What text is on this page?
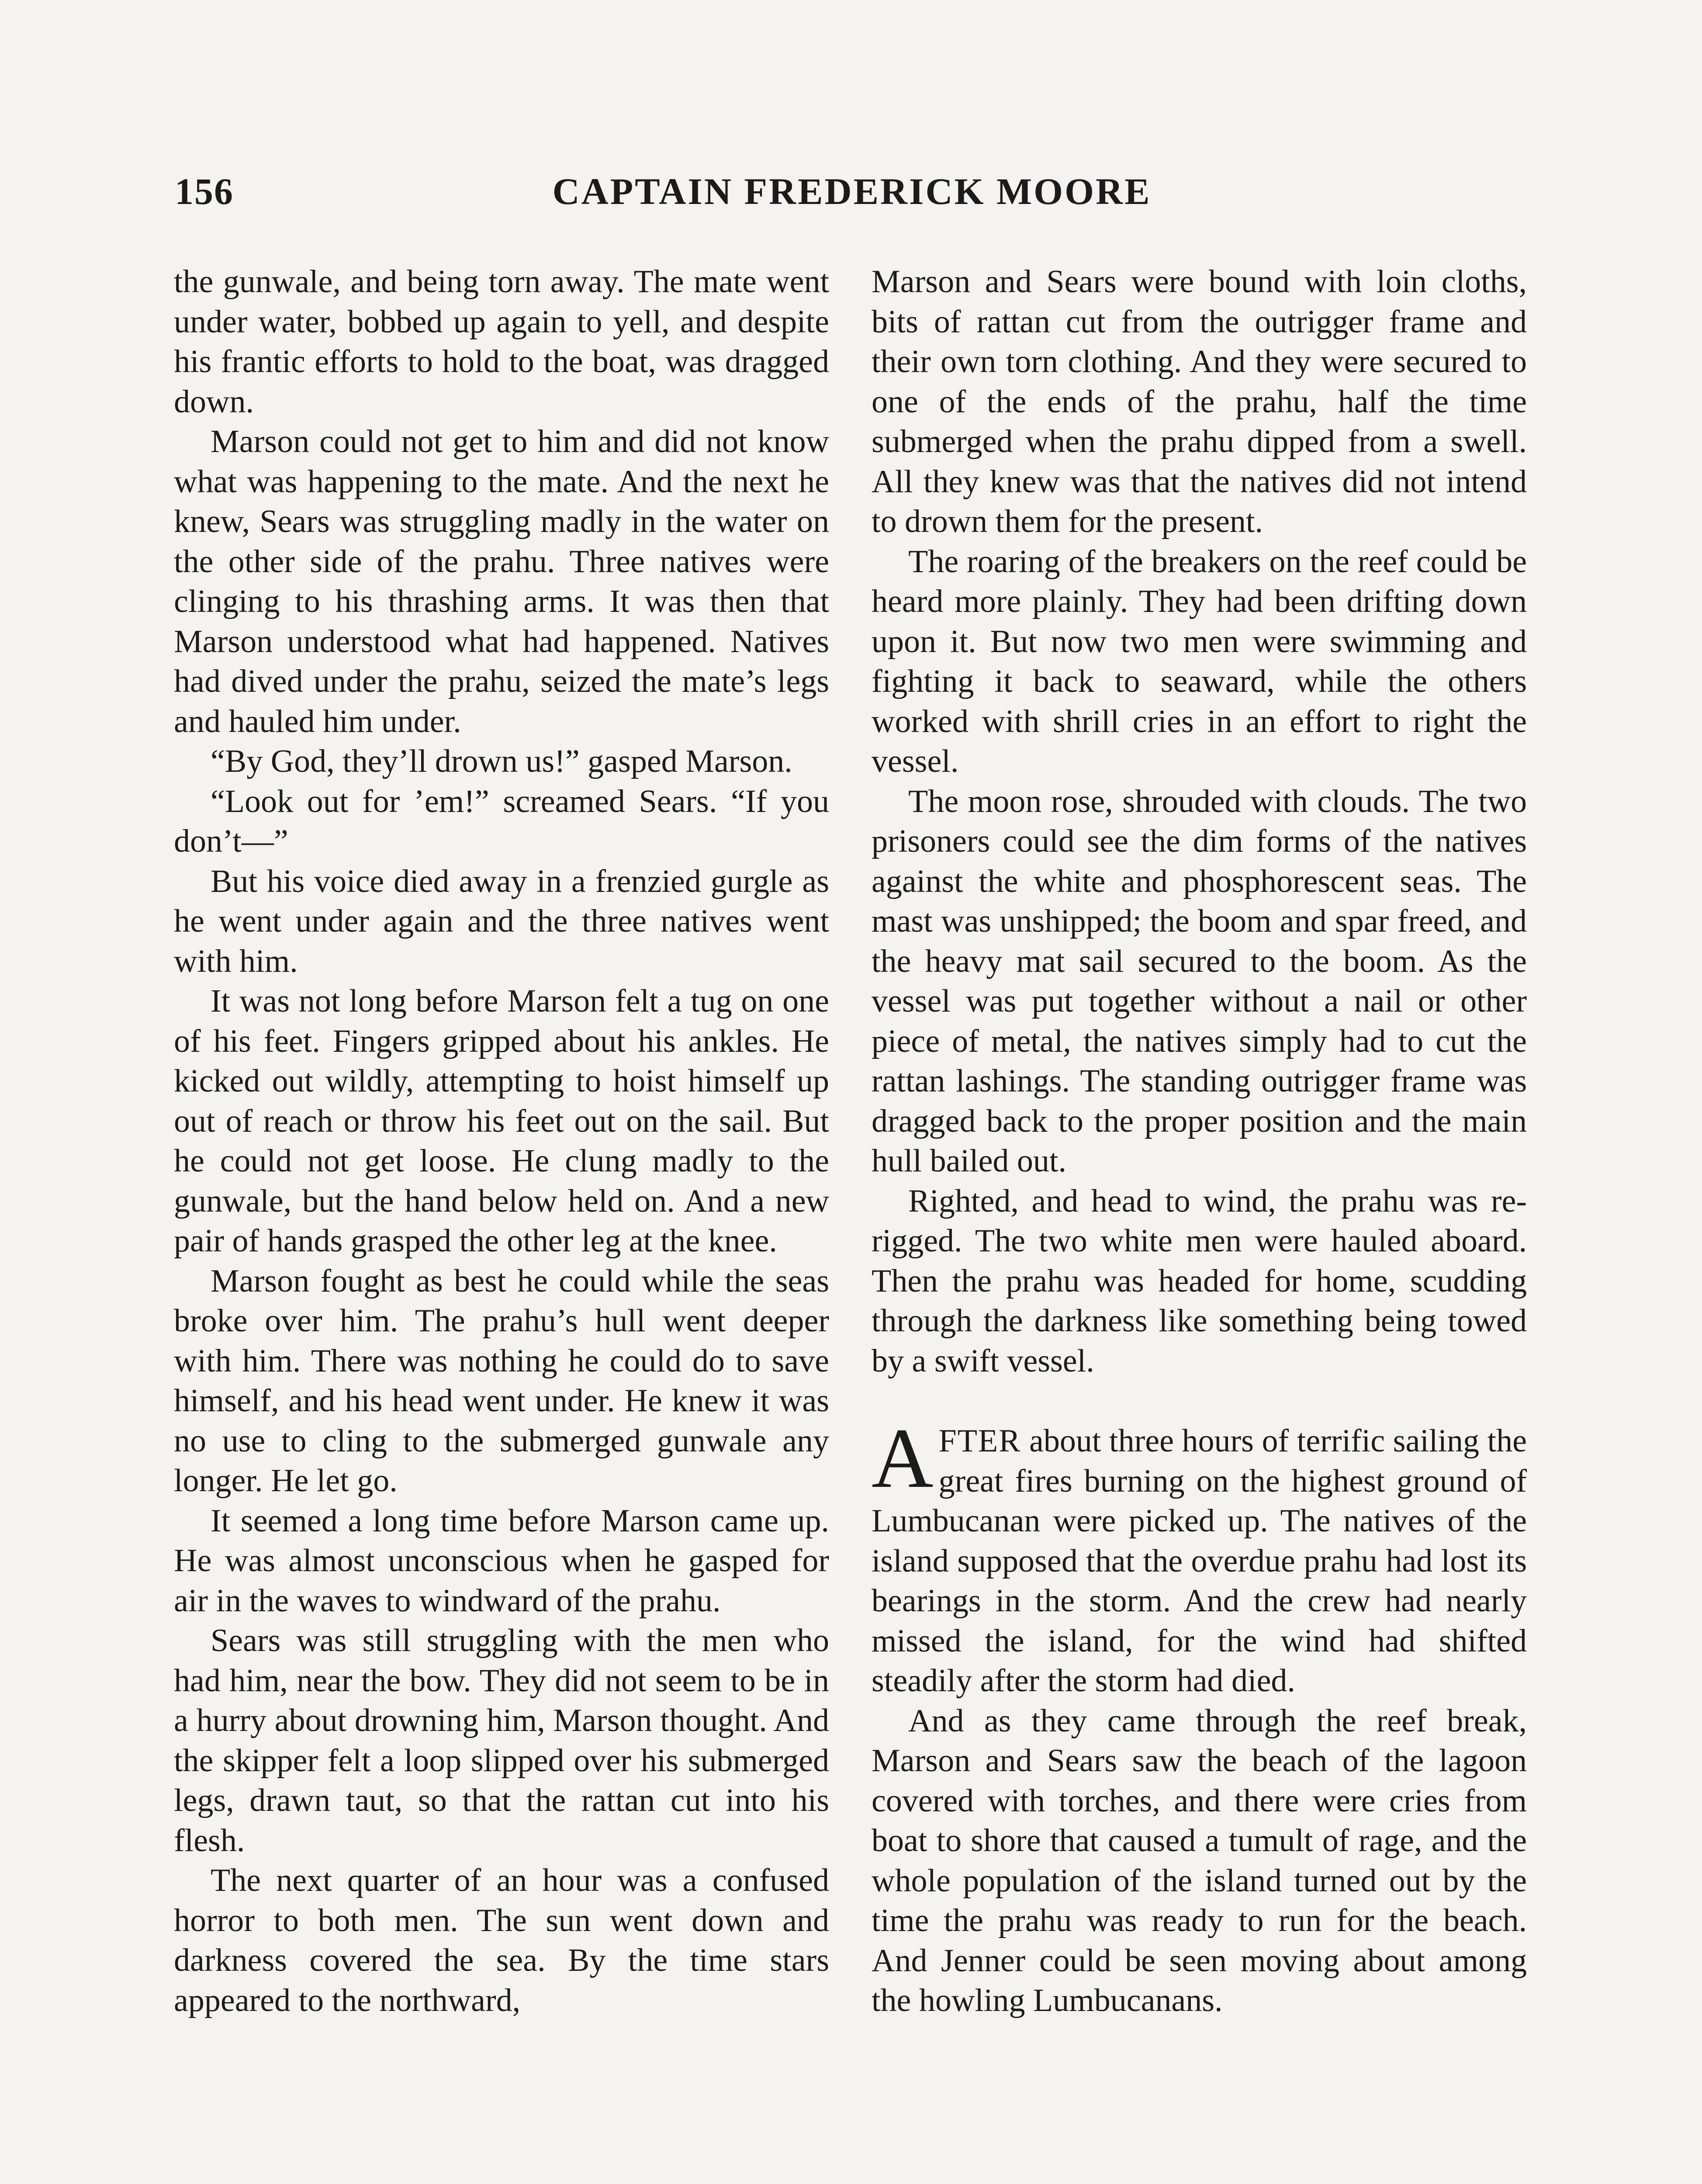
156	CAPTAIN FREDERICK MOORE

the gunwale, and being torn away. The mate went under water, bobbed up again to yell, and despite his frantic efforts to hold to the boat, was dragged down.

Marson could not get to him and did not know what was happening to the mate. And the next he knew, Sears was struggling madly in the water on the other side of the prahu. Three natives were clinging to his thrashing arms. It was then that Marson understood what had happened. Natives had dived under the prahu, seized the mate’s legs and hauled him under.

“By God, they’ll drown us!” gasped Marson.

“Look out for ’em!” screamed Sears. “If you don’t—”

But his voice died away in a frenzied gurgle as he went under again and the three natives went with him.

It was not long before Marson felt a tug on one of his feet. Fingers gripped about his ankles. He kicked out wildly, attempting to hoist himself up out of reach or throw his feet out on the sail. But he could not get loose. He clung madly to the gunwale, but the hand below held on. And a new pair of hands grasped the other leg at the knee.

Marson fought as best he could while the seas broke over him. The prahu’s hull went deeper with him. There was nothing he could do to save himself, and his head went under. He knew it was no use to cling to the submerged gunwale any longer. He let go.

It seemed a long time before Marson came up. He was almost unconscious when he gasped for air in the waves to windward of the prahu.

Sears was still struggling with the men who had him, near the bow. They did not seem to be in a hurry about drowning him, Marson thought. And the skipper felt a loop slipped over his submerged legs, drawn taut, so that the rattan cut into his flesh.

The next quarter of an hour was a confused horror to both men. The sun went down and darkness covered the sea. By the time stars appeared to the northward,

Marson and Sears were bound with loin cloths, bits of rattan cut from the outrigger frame and their own torn clothing. And they were secured to one of the ends of the prahu, half the time submerged when the prahu dipped from a swell. All they knew was that the natives did not intend to drown them for the present.

The roaring of the breakers on the reef could be heard more plainly. They had been drifting down upon it. But now two men were swimming and fighting it back to seaward, while the others worked with shrill cries in an effort to right the vessel.

The moon rose, shrouded with clouds. The two prisoners could see the dim forms of the natives against the white and phosphorescent seas. The mast was unshipped; the boom and spar freed, and the heavy mat sail secured to the boom. As the vessel was put together without a nail or other piece of metal, the natives simply had to cut the rattan lashings. The standing outrigger frame was dragged back to the proper position and the main hull bailed out.

Righted, and head to wind, the prahu was re-rigged. The two white men were hauled aboard. Then the prahu was headed for home, scudding through the darkness like something being towed by a swift vessel.

AFTER about three hours of terrific sailing the great fires burning on the highest ground of Lumbucanan were picked up. The natives of the island supposed that the overdue prahu had lost its bearings in the storm. And the crew had nearly missed the island, for the wind had shifted steadily after the storm had died.

And as they came through the reef break, Marson and Sears saw the beach of the lagoon covered with torches, and there were cries from boat to shore that caused a tumult of rage, and the whole population of the island turned out by the time the prahu was ready to run for the beach. And Jenner could be seen moving about among the howling Lumbucanans.
